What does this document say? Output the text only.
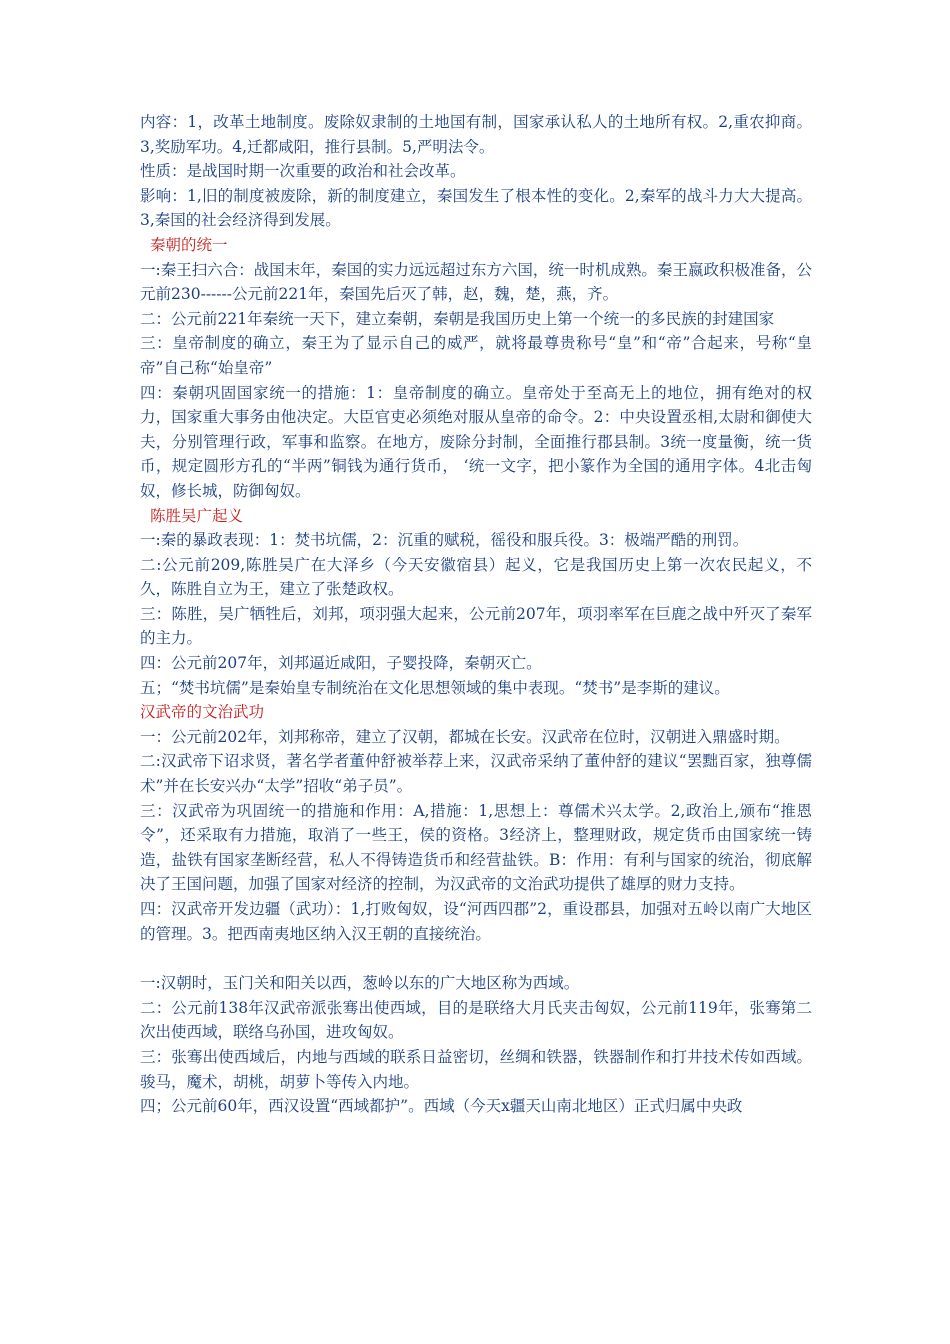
内容：1，改革土地制度。废除奴隶制的土地国有制，国家承认私人的土地所有权。2,重农抑商。3,奖励军功。4,迁都咸阳，推行县制。5,严明法令。

性质：是战国时期一次重要的政治和社会改革。

影响：1,旧的制度被废除，新的制度建立，秦国发生了根本性的变化。2,秦军的战斗力大大提高。3,秦国的社会经济得到发展。

秦朝的统一

一:秦王扫六合：战国末年，秦国的实力远远超过东方六国，统一时机成熟。秦王嬴政积极准备，公元前230------公元前221年，秦国先后灭了韩，赵，魏，楚，燕，齐。

二：公元前221年秦统一天下，建立秦朝，秦朝是我国历史上第一个统一的多民族的封建国家

三：皇帝制度的确立，秦王为了显示自己的威严，就将最尊贵称号“皇”和“帝”合起来，号称“皇帝”自己称“始皇帝”

四：秦朝巩固国家统一的措施：1：皇帝制度的确立。皇帝处于至高无上的地位，拥有绝对的权力，国家重大事务由他决定。大臣官吏必须绝对服从皇帝的命令。2：中央设置丞相,太尉和御使大夫，分别管理行政，军事和监察。在地方，废除分封制，全面推行郡县制。3统一度量衡，统一货币，规定圆形方孔的“半两”铜钱为通行货币， ‘统一文字，把小篆作为全国的通用字体。4北击匈奴，修长城，防御匈奴。

陈胜吴广起义

一:秦的暴政表现：1：焚书坑儒，2：沉重的赋税，徭役和服兵役。3：极端严酷的刑罚。

二:公元前209,陈胜吴广在大泽乡（今天安徽宿县）起义，它是我国历史上第一次农民起义，不久，陈胜自立为王，建立了张楚政权。

三：陈胜，吴广牺牲后，刘邦，项羽强大起来，公元前207年，项羽率军在巨鹿之战中歼灭了秦军的主力。

四：公元前207年，刘邦逼近咸阳，子婴投降，秦朝灭亡。

五；“焚书坑儒”是秦始皇专制统治在文化思想领域的集中表现。“焚书”是李斯的建议。

汉武帝的文治武功

一：公元前202年，刘邦称帝，建立了汉朝，都城在长安。汉武帝在位时，汉朝进入鼎盛时期。

二:汉武帝下诏求贤，著名学者董仲舒被举荐上来，汉武帝采纳了董仲舒的建议“罢黜百家，独尊儒术”并在长安兴办“太学”招收“弟子员”。

三：汉武帝为巩固统一的措施和作用：A,措施：1,思想上：尊儒术兴太学。2,政治上,颁布“推恩令”，还采取有力措施，取消了一些王，侯的资格。3经济上，整理财政，规定货币由国家统一铸造，盐铁有国家垄断经营，私人不得铸造货币和经营盐铁。B：作用：有利与国家的统治，彻底解决了王国问题，加强了国家对经济的控制，为汉武帝的文治武功提供了雄厚的财力支持。

四：汉武帝开发边疆（武功）：1,打败匈奴，设“河西四郡”2，重设郡县，加强对五岭以南广大地区的管理。3。把西南夷地区纳入汉王朝的直接统治。

一:汉朝时，玉门关和阳关以西，葱岭以东的广大地区称为西域。

二：公元前138年汉武帝派张骞出使西域，目的是联络大月氏夹击匈奴，公元前119年，张骞第二次出使西域，联络乌孙国，进攻匈奴。

三：张骞出使西域后，内地与西域的联系日益密切，丝绸和铁器，铁器制作和打井技术传如西域。骏马，魔术，胡桃，胡萝卜等传入内地。

四；公元前60年，西汉设置“西域都护”。西域（今天x疆天山南北地区）正式归属中央政
